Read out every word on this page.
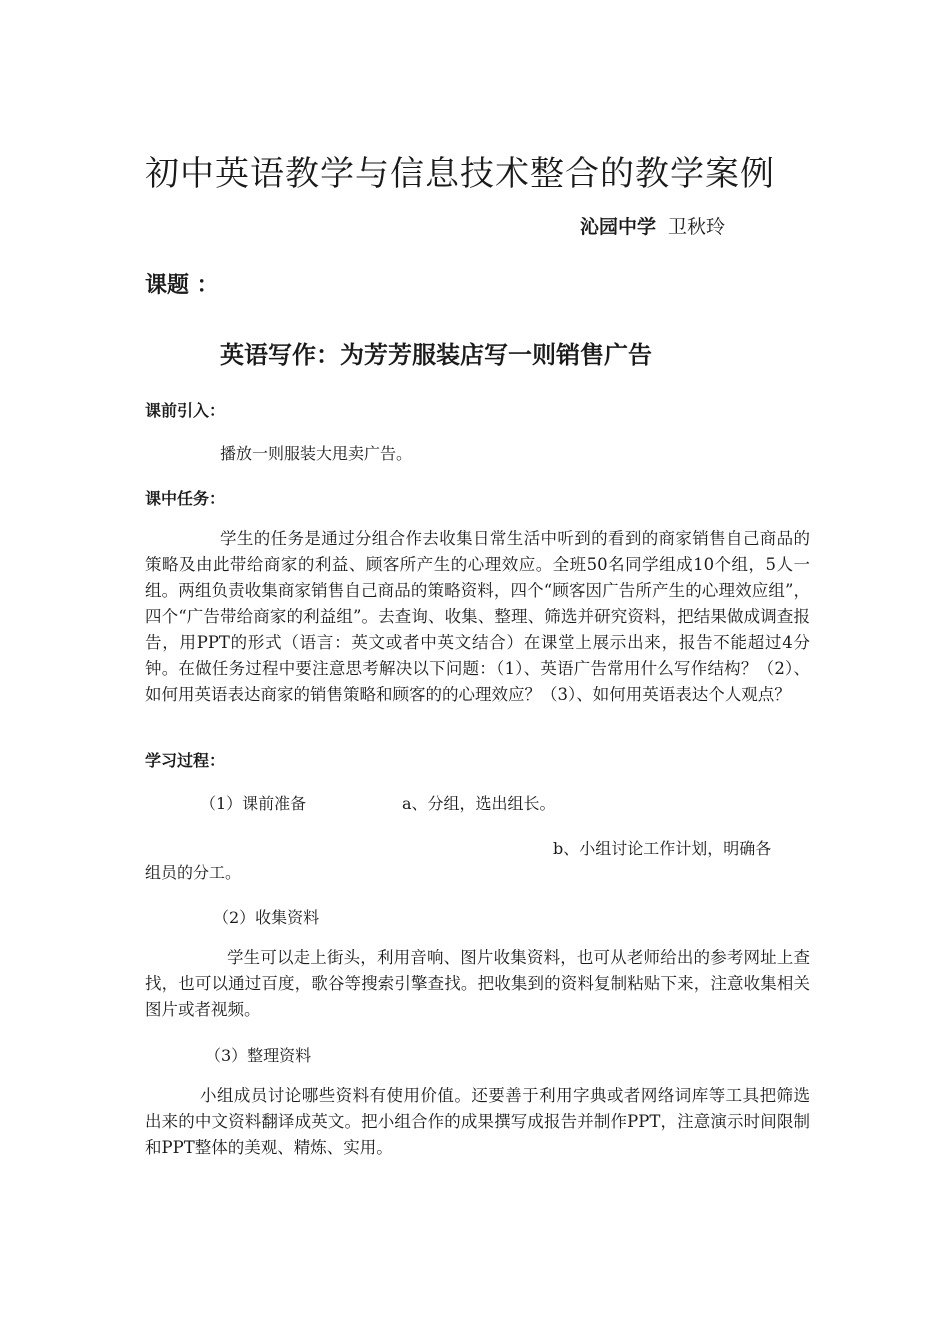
初中英语教学与信息技术整合的教学案例
沁园中学 卫秋玲
课题 ：
英语写作：为芳芳服装店写一则销售广告
课前引入：
播放一则服装大甩卖广告。
课中任务：
学生的任务是通过分组合作去收集日常生活中听到的看到的商家销售自己商品的策略及由此带给商家的利益、顾客所产生的心理效应。全班50名同学组成10个组，5人一组。两组负责收集商家销售自己商品的策略资料，四个“顾客因广告所产生的心理效应组”，四个“广告带给商家的利益组”。去查询、收集、整理、筛选并研究资料，把结果做成调查报告，用PPT的形式（语言：英文或者中英文结合）在课堂上展示出来，报告不能超过4分钟。在做任务过程中要注意思考解决以下问题：（1）、英语广告常用什么写作结构？（2）、如何用英语表达商家的销售策略和顾客的的心理效应？（3）、如何用英语表达个人观点？
学习过程：
（1）课前准备	a、分组，选出组长。
b、小组讨论工作计划，明确各
组员的分工。
（2）收集资料
学生可以走上街头，利用音响、图片收集资料，也可从老师给出的参考网址上查找，也可以通过百度，歌谷等搜索引擎查找。把收集到的资料复制粘贴下来，注意收集相关图片或者视频。
（3）整理资料
小组成员讨论哪些资料有使用价值。还要善于利用字典或者网络词库等工具把筛选出来的中文资料翻译成英文。把小组合作的成果撰写成报告并制作PPT，注意演示时间限制和PPT整体的美观、精炼、实用。
